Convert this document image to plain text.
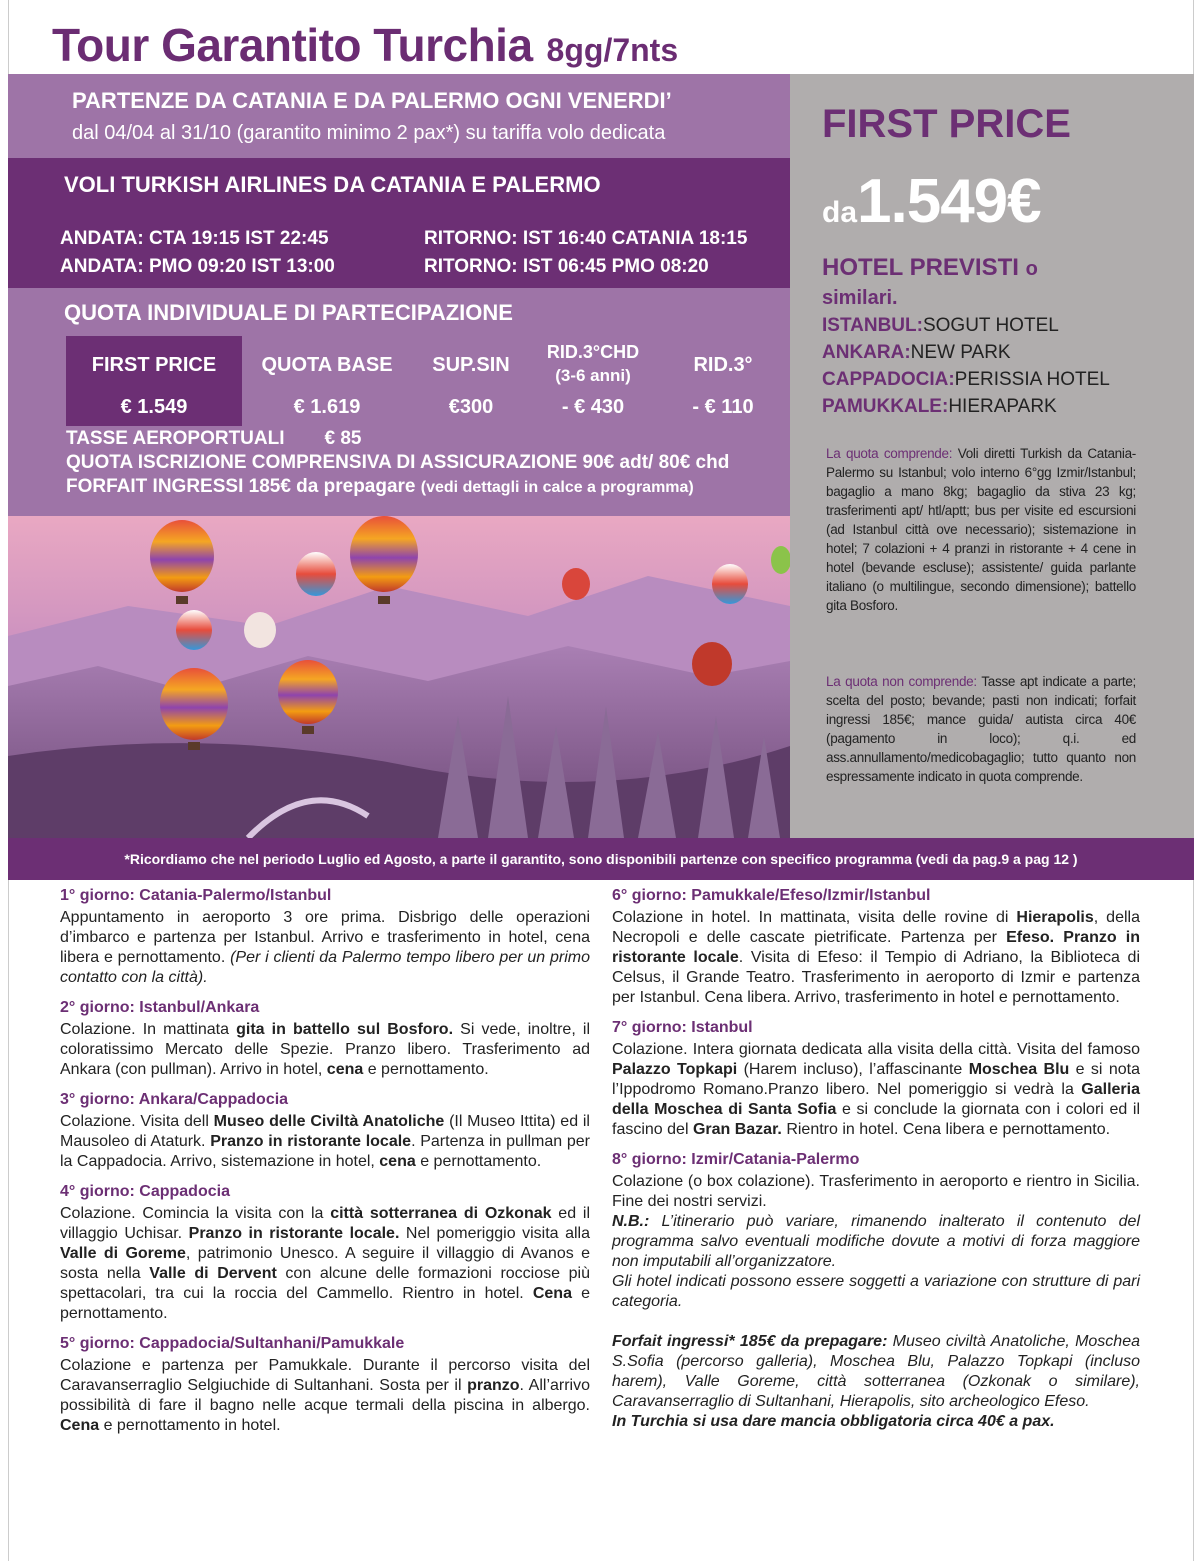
Tour Garantito Turchia 8gg/7nts
PARTENZE DA CATANIA E DA PALERMO OGNI VENERDI’
dal 04/04 al 31/10 (garantito minimo 2 pax*) su tariffa volo dedicata
VOLI TURKISH AIRLINES DA CATANIA E PALERMO
ANDATA: CTA 19:15 IST 22:45	RITORNO: IST 16:40 CATANIA 18:15
ANDATA: PMO 09:20 IST 13:00	RITORNO: IST 06:45 PMO 08:20
QUOTA INDIVIDUALE DI PARTECIPAZIONE
FIRST PRICE
€ 1.549
QUOTA BASE
€ 1.619
SUP.SIN
€300
RID.3°CHD
(3-6 anni)
- € 430
RID.3°
- € 110
TASSE AEROPORTUALI € 85
QUOTA ISCRIZIONE COMPRENSIVA DI ASSICURAZIONE 90€ adt/ 80€ chd
FORFAIT INGRESSI 185€ da prepagare (vedi dettagli in calce a programma)
FIRST PRICE
da1.549€
HOTEL PREVISTI o
similari.
ISTANBUL:SOGUT HOTEL
ANKARA:NEW PARK
CAPPADOCIA:PERISSIA HOTEL
PAMUKKALE:HIERAPARK
La quota comprende: Voli diretti Turkish da Catania-Palermo su Istanbul; volo interno 6°gg Izmir/Istanbul; bagaglio a mano 8kg; bagaglio da stiva 23 kg; trasferimenti apt/ htl/aptt; bus per visite ed escursioni (ad Istanbul città ove necessario); sistemazione in hotel; 7 colazioni + 4 pranzi in ristorante + 4 cene in hotel (bevande escluse); assistente/ guida parlante italiano (o multilingue, secondo dimensione); battello gita Bosforo.
La quota non comprende: Tasse apt indicate a parte; scelta del posto; bevande; pasti non indicati; forfait ingressi 185€; mance guida/ autista circa 40€ (pagamento in loco); q.i. ed ass.annullamento/medicobagaglio; tutto quanto non espressamente indicato in quota comprende.
*Ricordiamo che nel periodo Luglio ed Agosto, a parte il garantito, sono disponibili partenze con specifico programma (vedi da pag.9 a pag 12 )
1° giorno: Catania-Palermo/Istanbul

Appuntamento in aeroporto 3 ore prima. Disbrigo delle operazioni d’imbarco e partenza per Istanbul. Arrivo e trasferimento in hotel, cena libera e pernottamento. (Per i clienti da Palermo tempo libero per un primo contatto con la città).

2° giorno: Istanbul/Ankara

Colazione. In mattinata gita in battello sul Bosforo. Si vede, inoltre, il coloratissimo Mercato delle Spezie. Pranzo libero. Trasferimento ad Ankara (con pullman). Arrivo in hotel, cena e pernottamento.

3° giorno: Ankara/Cappadocia

Colazione. Visita dell Museo delle Civiltà Anatoliche (Il Museo Ittita) ed il Mausoleo di Ataturk. Pranzo in ristorante locale. Partenza in pullman per la Cappadocia. Arrivo, sistemazione in hotel, cena e pernottamento.

4° giorno: Cappadocia

Colazione. Comincia la visita con la città sotterranea di Ozkonak ed il villaggio Uchisar. Pranzo in ristorante locale. Nel pomeriggio visita alla Valle di Goreme, patrimonio Unesco. A seguire il villaggio di Avanos e sosta nella Valle di Dervent con alcune delle formazioni rocciose più spettacolari, tra cui la roccia del Cammello. Rientro in hotel. Cena e pernottamento.

5° giorno: Cappadocia/Sultanhani/Pamukkale

Colazione e partenza per Pamukkale. Durante il percorso visita del Caravanserraglio Selgiuchide di Sultanhani. Sosta per il pranzo. All’arrivo possibilità di fare il bagno nelle acque termali della piscina in albergo. Cena e pernottamento in hotel.

6° giorno: Pamukkale/Efeso/Izmir/Istanbul

Colazione in hotel. In mattinata, visita delle rovine di Hierapolis, della Necropoli e delle cascate pietrificate. Partenza per Efeso. Pranzo in ristorante locale. Visita di Efeso: il Tempio di Adriano, la Biblioteca di Celsus, il Grande Teatro. Trasferimento in aeroporto di Izmir e partenza per Istanbul. Cena libera. Arrivo, trasferimento in hotel e pernottamento.

7° giorno: Istanbul

Colazione. Intera giornata dedicata alla visita della città. Visita del famoso Palazzo Topkapi (Harem incluso), l’affascinante Moschea Blu e si nota l’Ippodromo Romano.Pranzo libero. Nel pomeriggio si vedrà la Galleria della Moschea di Santa Sofia e si conclude la giornata con i colori ed il fascino del Gran Bazar. Rientro in hotel. Cena libera e pernottamento.

8° giorno: Izmir/Catania-Palermo

Colazione (o box colazione). Trasferimento in aeroporto e rientro in Sicilia. Fine dei nostri servizi.

N.B.: L’itinerario può variare, rimanendo inalterato il contenuto del programma salvo eventuali modifiche dovute a motivi di forza maggiore non imputabili all’organizzatore.

Gli hotel indicati possono essere soggetti a variazione con strutture di pari categoria.

Forfait ingressi* 185€ da prepagare: Museo civiltà Anatoliche, Moschea S.Sofia (percorso galleria), Moschea Blu, Palazzo Topkapi (incluso harem), Valle Goreme, città sotterranea (Ozkonak o similare), Caravanserraglio di Sultanhani, Hierapolis, sito archeologico Efeso.

In Turchia si usa dare mancia obbligatoria circa 40€ a pax.
